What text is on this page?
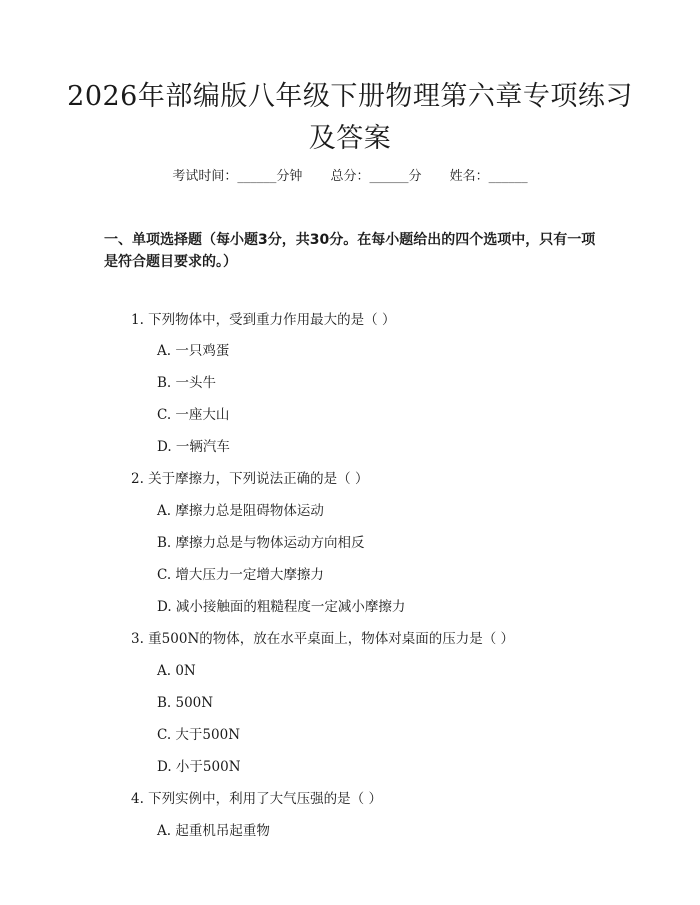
2026年部编版八年级下册物理第六章专项练习及答案
考试时间：______分钟 总分：______分 姓名：______
一、单项选择题（每小题3分，共30分。在每小题给出的四个选项中，只有一项是符合题目要求的。）
1. 下列物体中，受到重力作用最大的是（ ）
A. 一只鸡蛋
B. 一头牛
C. 一座大山
D. 一辆汽车
2. 关于摩擦力，下列说法正确的是（ ）
A. 摩擦力总是阻碍物体运动
B. 摩擦力总是与物体运动方向相反
C. 增大压力一定增大摩擦力
D. 减小接触面的粗糙程度一定减小摩擦力
3. 重500N的物体，放在水平桌面上，物体对桌面的压力是（ ）
A. 0N
B. 500N
C. 大于500N
D. 小于500N
4. 下列实例中，利用了大气压强的是（ ）
A. 起重机吊起重物
